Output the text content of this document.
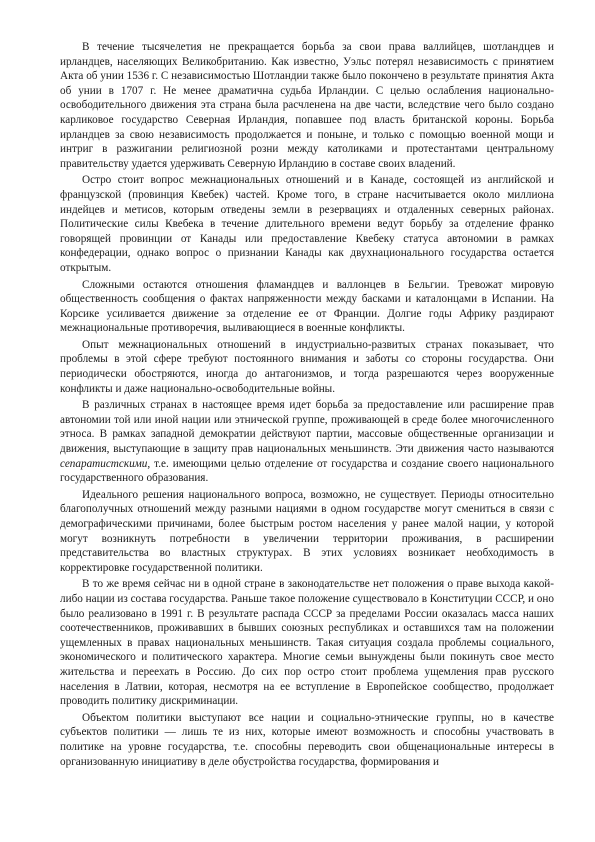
В течение тысячелетия не прекращается борьба за свои права валлийцев, шотландцев и ирландцев, населяющих Великобританию. Как известно, Уэльс потерял независимость с принятием Акта об унии 1536 г. С независимостью Шотландии также было покончено в результате принятия Акта об унии в 1707 г. Не менее драматична судьба Ирландии. С целью ослабления национально-освободительного движения эта страна была расчленена на две части, вследствие чего было создано карликовое государство Северная Ирландия, попавшее под власть британской короны. Борьба ирландцев за свою независимость продолжается и поныне, и только с помощью военной мощи и интриг в разжигании религиозной розни между католиками и протестантами центральному правительству удается удерживать Северную Ирландию в составе своих владений.

Остро стоит вопрос межнациональных отношений и в Канаде, состоящей из английской и французской (провинция Квебек) частей. Кроме того, в стране насчитывается около миллиона индейцев и метисов, которым отведены земли в резервациях и отдаленных северных районах. Политические силы Квебека в течение длительного времени ведут борьбу за отделение франко говорящей провинции от Канады или предоставление Квебеку статуса автономии в рамках конфедерации, однако вопрос о признании Канады как двухнационального государства остается открытым.

Сложными остаются отношения фламандцев и валлонцев в Бельгии. Тревожат мировую общественность сообщения о фактах напряженности между басками и каталонцами в Испании. На Корсике усиливается движение за отделение ее от Франции. Долгие годы Африку раздирают межнациональные противоречия, выливающиеся в военные конфликты.

Опыт межнациональных отношений в индустриально-развитых странах показывает, что проблемы в этой сфере требуют постоянного внимания и заботы со стороны государства. Они периодически обостряются, иногда до антагонизмов, и тогда разрешаются через вооруженные конфликты и даже национально-освободительные войны.

В различных странах в настоящее время идет борьба за предоставление или расширение прав автономии той или иной нации или этнической группе, проживающей в среде более многочисленного этноса. В рамках западной демократии действуют партии, массовые общественные организации и движения, выступающие в защиту прав национальных меньшинств. Эти движения часто называются сепаратистскими, т.е. имеющими целью отделение от государства и создание своего национального государственного образования.

Идеального решения национального вопроса, возможно, не существует. Периоды относительно благополучных отношений между разными нациями в одном государстве могут смениться в связи с демографическими причинами, более быстрым ростом населения у ранее малой нации, у которой могут возникнуть потребности в увеличении территории проживания, в расширении представительства во властных структурах. В этих условиях возникает необходимость в корректировке государственной политики.

В то же время сейчас ни в одной стране в законодательстве нет положения о праве выхода какой-либо нации из состава государства. Раньше такое положение существовало в Конституции СССР, и оно было реализовано в 1991 г. В результате распада СССР за пределами России оказалась масса наших соотечественников, проживавших в бывших союзных республиках и оставшихся там на положении ущемленных в правах национальных меньшинств. Такая ситуация создала проблемы социального, экономического и политического характера. Многие семьи вынуждены были покинуть свое место жительства и переехать в Россию. До сих пор остро стоит проблема ущемления прав русского населения в Латвии, которая, несмотря на ее вступление в Европейское сообщество, продолжает проводить политику дискриминации.

Объектом политики выступают все нации и социально-этнические группы, но в качестве субъектов политики — лишь те из них, которые имеют возможность и способны участвовать в политике на уровне государства, т.е. способны переводить свои общенациональные интересы в организованную инициативу в деле обустройства государства, формирования и
